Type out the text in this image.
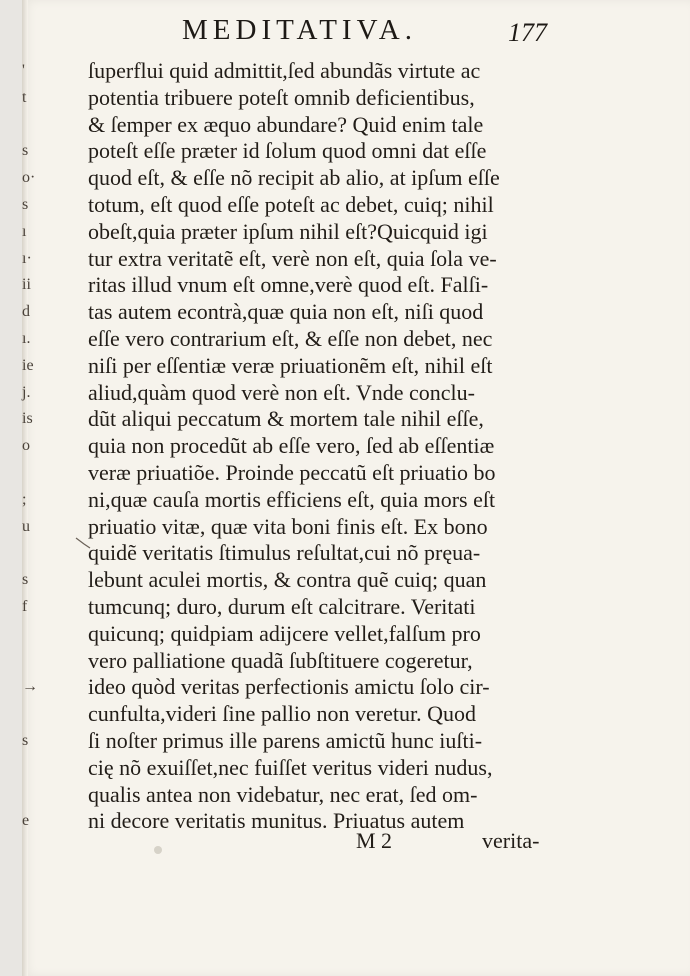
'
t
s
o·
s
ı
ı·
ii
d
ı.
ie
j.
is
o
;
u
s
f
→
s
e
MEDITATIVA.	177
ſuperflui quid admittit,ſed abundãs virtute ac
potentia tribuere poteſt omnib deficientibus,
& ſemper ex æquo abundare? Quid enim tale
poteſt eſſe præter id ſolum quod omni dat eſſe
quod eſt, & eſſe nõ recipit ab alio, at ipſum eſſe
totum, eſt quod eſſe poteſt ac debet, cuiq; nihil
obeſt,quia præter ipſum nihil eſt?Quicquid igi
tur extra veritatẽ eſt, verè non eſt, quia ſola ve-
ritas illud vnum eſt omne,verè quod eſt. Falſi-
tas autem econtrà,quæ quia non eſt, niſi quod
eſſe vero contrarium eſt, & eſſe non debet, nec
niſi per eſſentiæ veræ priuationẽm eſt, nihil eſt
aliud,quàm quod verè non eſt. Vnde conclu-
dũt aliqui peccatum & mortem tale nihil eſſe,
quia non procedũt ab eſſe vero, ſed ab eſſentiæ
veræ priuatiõe. Proinde peccatũ eſt priuatio bo
ni,quæ cauſa mortis efficiens eſt, quia mors eſt
priuatio vitæ, quæ vita boni finis eſt. Ex bono
quidẽ veritatis ſtimulus reſultat,cui nõ pręua-
lebunt aculei mortis, & contra quẽ cuiq; quan
tumcunq; duro, durum eſt calcitrare. Veritati
quicunq; quidpiam adijcere vellet,falſum pro
vero palliatione quadã ſubſtituere cogeretur,
ideo quòd veritas perfectionis amictu ſolo cir-
cunfulta,videri ſine pallio non veretur. Quod
ſi noſter primus ille parens amictũ hunc iuſti-
cię nõ exuiſſet,nec fuiſſet veritus videri nudus,
qualis antea non videbatur, nec erat, ſed om-
ni decore veritatis munitus. Priuatus autem
M 2	verita-
